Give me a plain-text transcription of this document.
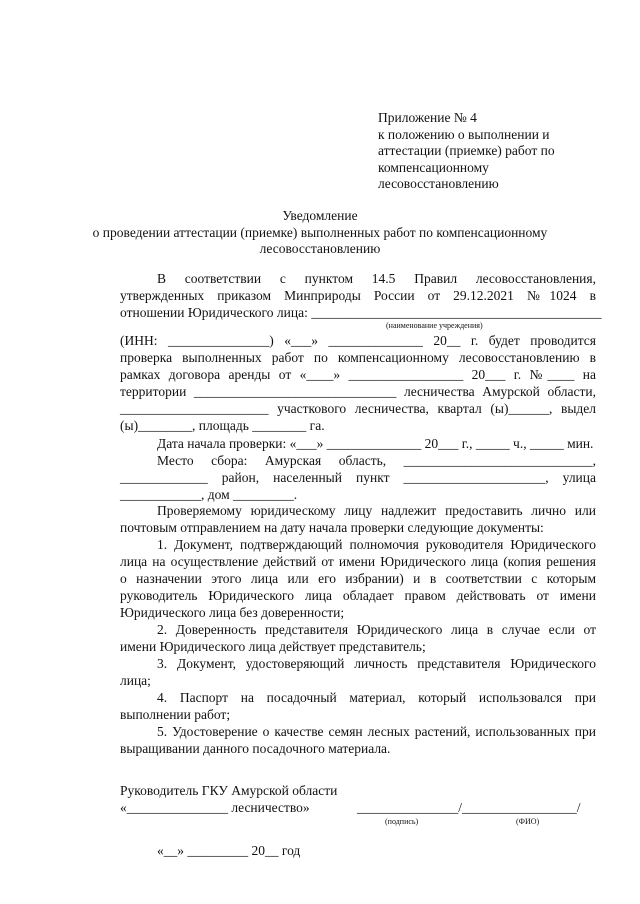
Приложение № 4
к положению о выполнении и
аттестации (приемке) работ по
компенсационному
лесовосстановлению
Уведомление
о проведении аттестации (приемке) выполненных работ по компенсационному
лесовосстановлению
В соответствии с пунктом 14.5 Правил лесовосстановления,
утвержденных приказом Минприроды России от 29.12.2021 №1024 в
отношении Юридического лица: ___________________________________________
(наименование учреждения)
(ИНН: _______________) «___» ______________ 20__ г. будет проводится
проверка выполненных работ по компенсационному лесовосстановлению в
рамках договора аренды от «____» _________________ 20___ г. №____ на
территории ______________________________ лесничества Амурской области,
______________________ участкового лесничества, квартал (ы)______, выдел
(ы)________, площадь ________ га.
Дата начала проверки: «___» ______________ 20___ г., _____ ч., _____ мин.
Место сбора: Амурская область, ____________________________,
_____________ район, населенный пункт _____________________, улица
____________, дом _________.
Проверяемому юридическому лицу надлежит предоставить лично или
почтовым отправлением на дату начала проверки следующие документы:
1. Документ, подтверждающий полномочия руководителя Юридического
лица на осуществление действий от имени Юридического лица (копия решения
о назначении этого лица или его избрании) и в соответствии с которым
руководитель Юридического лица обладает правом действовать от имени
Юридического лица без доверенности;
2. Доверенность представителя Юридического лица в случае если от
имени Юридического лица действует представитель;
3. Документ, удостоверяющий личность представителя Юридического
лица;
4. Паспорт на посадочный материал, который использовался при
выполнении работ;
5. Удостоверение о качестве семян лесных растений, использованных при
выращивании данного посадочного материала.
Руководитель ГКУ Амурской области
«_______________ лесничество»	_______________/_________________/
(подпись)	(ФИО)
«__» _________ 20__ год
